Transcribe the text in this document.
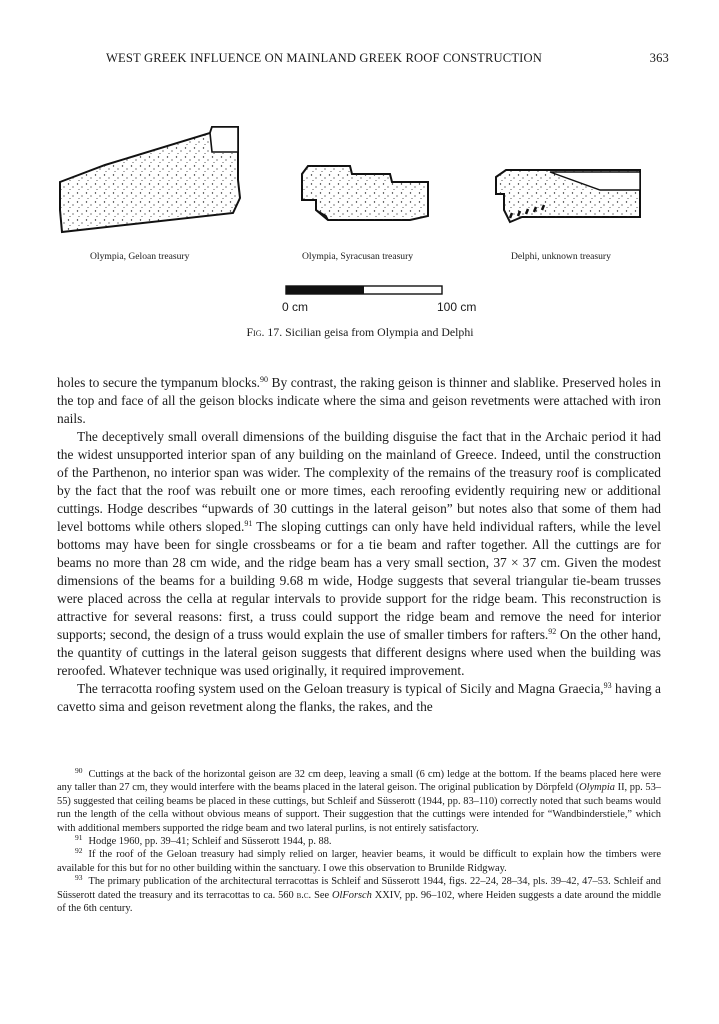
WEST GREEK INFLUENCE ON MAINLAND GREEK ROOF CONSTRUCTION	363
Olympia, Geloan treasury	Olympia, Syracusan treasury	Delphi, unknown treasury
0 cm	100 cm
Fig. 17. Sicilian geisa from Olympia and Delphi

holes to secure the tympanum blocks.$^{90}$ By contrast, the raking geison is thinner and slablike. Preserved holes in the top and face of all the geison blocks indicate where the sima and geison revetments were attached with iron nails.

The deceptively small overall dimensions of the building disguise the fact that in the Archaic period it had the widest unsupported interior span of any building on the mainland of Greece. Indeed, until the construction of the Parthenon, no interior span was wider. The complexity of the remains of the treasury roof is complicated by the fact that the roof was rebuilt one or more times, each reroofing evidently requiring new or additional cuttings. Hodge describes “upwards of 30 cuttings in the lateral geison” but notes also that some of them had level bottoms while others sloped.$^{91}$ The sloping cuttings can only have held individual rafters, while the level bottoms may have been for single crossbeams or for a tie beam and rafter together. All the cuttings are for beams no more than 28 cm wide, and the ridge beam has a very small section, 37 × 37 cm. Given the modest dimensions of the beams for a building 9.68 m wide, Hodge suggests that several triangular tie-beam trusses were placed across the cella at regular intervals to provide support for the ridge beam. This reconstruction is attractive for several reasons: first, a truss could support the ridge beam and remove the need for interior supports; second, the design of a truss would explain the use of smaller timbers for rafters.$^{92}$ On the other hand, the quantity of cuttings in the lateral geison suggests that different designs where used when the building was reroofed. Whatever technique was used originally, it required improvement.

The terracotta roofing system used on the Geloan treasury is typical of Sicily and Magna Graecia,$^{93}$ having a cavetto sima and geison revetment along the flanks, the rakes, and the

$^{90}$ Cuttings at the back of the horizontal geison are 32 cm deep, leaving a small (6 cm) ledge at the bottom. If the beams placed here were any taller than 27 cm, they would interfere with the beams placed in the lateral geison. The original publication by Dörpfeld (Olympia II, pp. 53–55) suggested that ceiling beams be placed in these cuttings, but Schleif and Süsserott (1944, pp. 83–110) correctly noted that such beams would run the length of the cella without obvious means of support. Their suggestion that the cuttings were intended for “Wandbinderstiele,” which with additional members supported the ridge beam and two lateral purlins, is not entirely satisfactory.

$^{91}$ Hodge 1960, pp. 39–41; Schleif and Süsserott 1944, p. 88.

$^{92}$ If the roof of the Geloan treasury had simply relied on larger, heavier beams, it would be difficult to explain how the timbers were available for this but for no other building within the sanctuary. I owe this observation to Brunilde Ridgway.

$^{93}$ The primary publication of the architectural terracottas is Schleif and Süsserott 1944, figs. 22–24, 28–34, pls. 39–42, 47–53. Schleif and Süsserott dated the treasury and its terracottas to ca. 560 b.c. See OlForsch XXIV, pp. 96–102, where Heiden suggests a date around the middle of the 6th century.
